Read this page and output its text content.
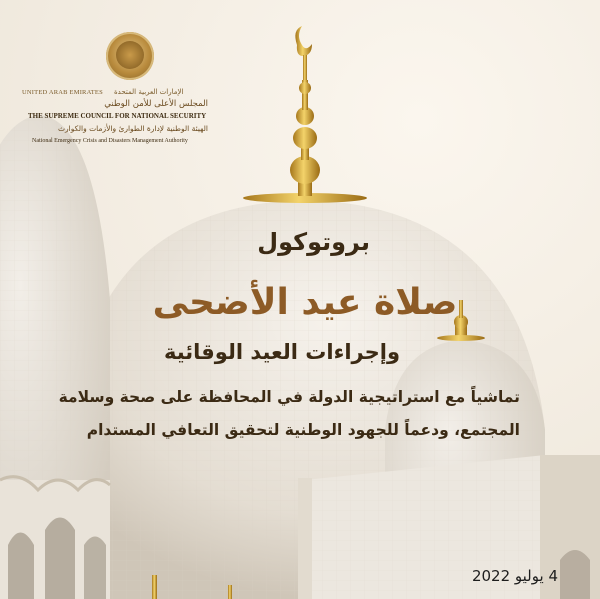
UNITED ARAB EMIRATES الإمارات العربية المتحدة
المجلس الأعلى للأمن الوطني
THE SUPREME COUNCIL FOR NATIONAL SECURITY
الهيئة الوطنية لإدارة الطوارئ والأزمات والكوارث
National Emergency Crisis and Disasters Management Authority
بروتوكول
صلاة عيد الأضحى
وإجراءات العيد الوقائية
تماشياً مع استراتيجية الدولة في المحافظة على صحة وسلامة
المجتمع، ودعماً للجهود الوطنية لتحقيق التعافي المستدام
4 يوليو 2022
